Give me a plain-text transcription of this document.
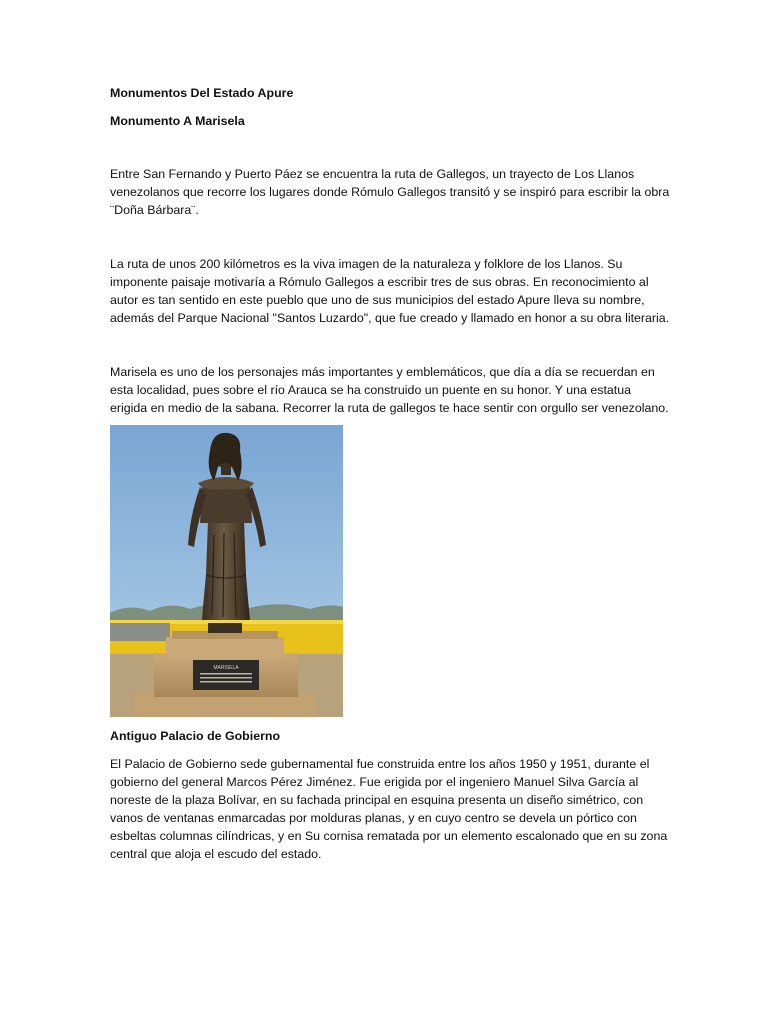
Monumentos Del Estado Apure

Monumento A Marisela

Entre San Fernando y Puerto Páez se encuentra la ruta de Gallegos, un trayecto de Los Llanos venezolanos que recorre los lugares donde Rómulo Gallegos transitó y se inspiró para escribir la obra ¨Doña Bárbara¨.

La ruta de unos 200 kilómetros es la viva imagen de la naturaleza y folklore de los Llanos. Su imponente paisaje motivaría a Rómulo Gallegos a escribir tres de sus obras. En reconocimiento al autor es tan sentido en este pueblo que uno de sus municipios del estado Apure lleva su nombre, además del Parque Nacional "Santos Luzardo", que fue creado y llamado en honor a su obra literaria.

Marisela es uno de los personajes más importantes y emblemáticos, que día a día se recuerdan en esta localidad, pues sobre el río Arauca se ha construido un puente en su honor. Y una estatua erigida en medio de la sabana. Recorrer la ruta de gallegos te hace sentir con orgullo ser venezolano.

MARISELA

Antiguo Palacio de Gobierno

El Palacio de Gobierno sede gubernamental fue construida entre los años 1950 y 1951, durante el gobierno del general Marcos Pérez Jiménez. Fue erigida por el ingeniero Manuel Silva García al noreste de la plaza Bolívar, en su fachada principal en esquina presenta un diseño simétrico, con vanos de ventanas enmarcadas por molduras planas, y en cuyo centro se devela un pórtico con esbeltas columnas cilíndricas, y en Su cornisa rematada por un elemento escalonado que en su zona central que aloja el escudo del estado.
